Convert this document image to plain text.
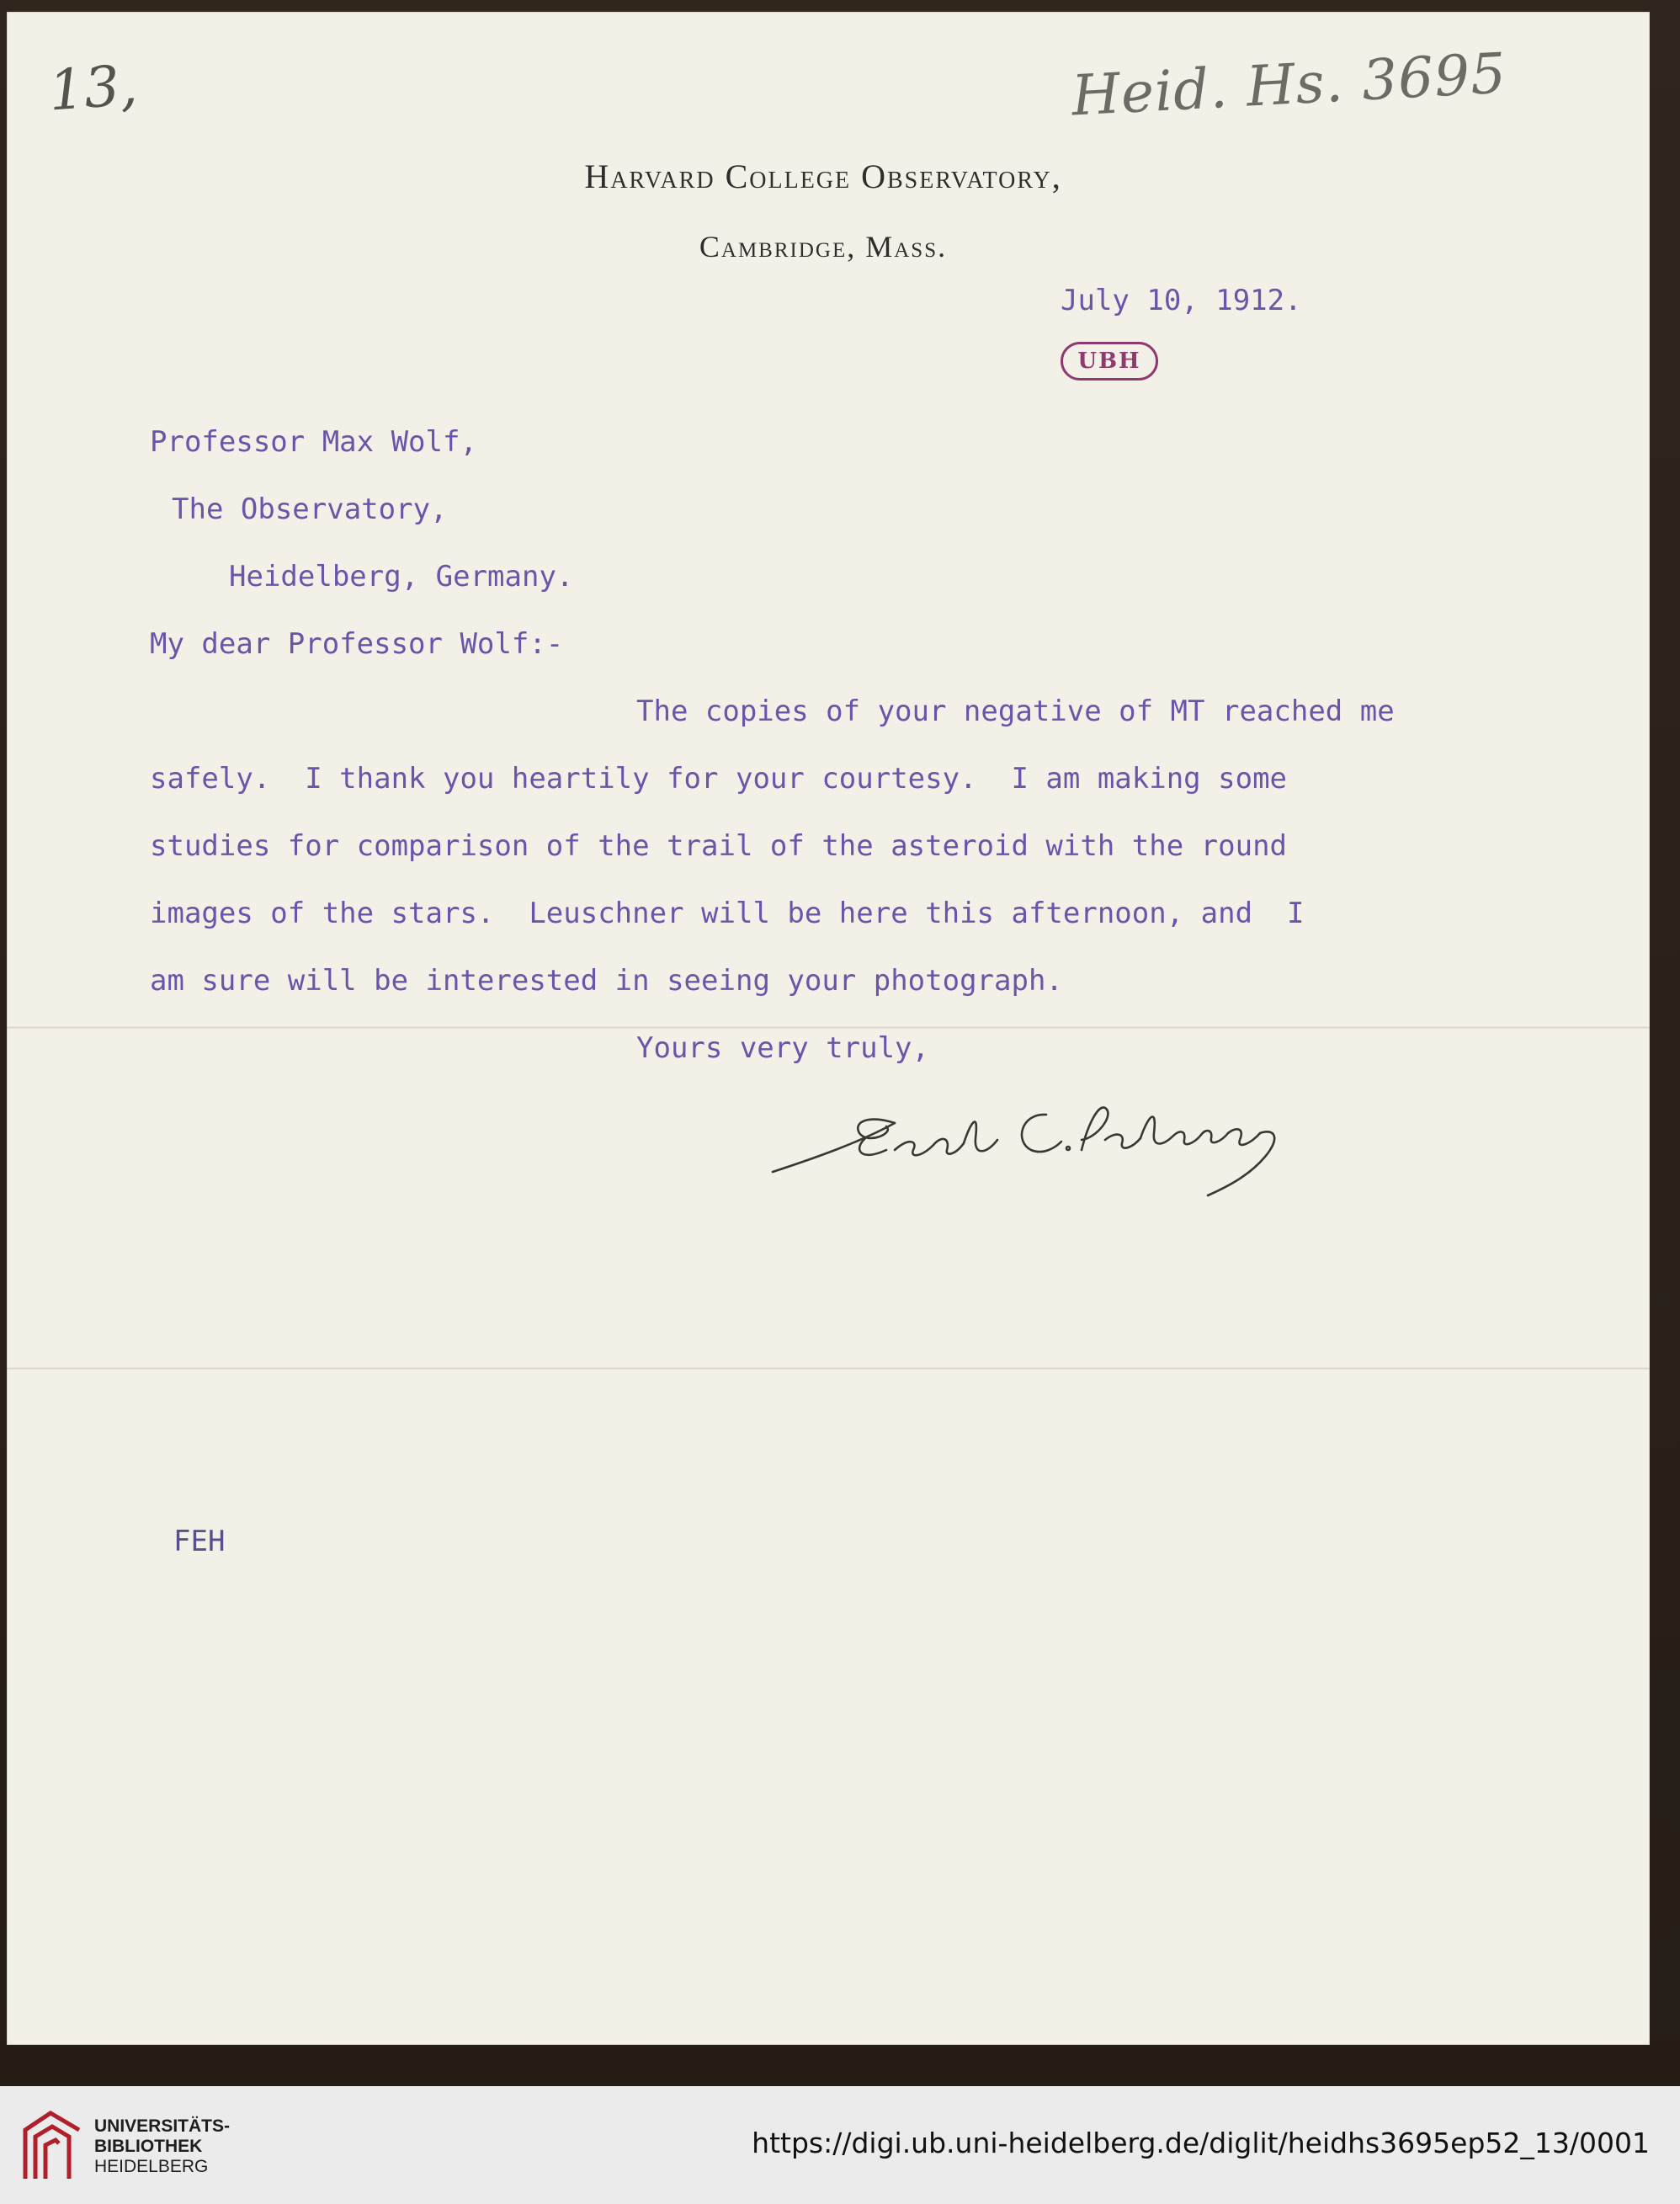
13,	Heid. Hs. 3695
Harvard College Observatory,
Cambridge, Mass.
July 10, 1912.
UBH
Professor Max Wolf,
The Observatory,
Heidelberg, Germany.
My dear Professor Wolf:-
The copies of your negative of MT reached me
safely.  I thank you heartily for your courtesy.  I am making some
studies for comparison of the trail of the asteroid with the round
images of the stars.  Leuschner will be here this afternoon, and  I
am sure will be interested in seeing your photograph.
Yours very truly,
FEH
UNIVERSITÄTS-
BIBLIOTHEK
HEIDELBERG
https://digi.ub.uni-heidelberg.de/diglit/heidhs3695ep52_13/0001
